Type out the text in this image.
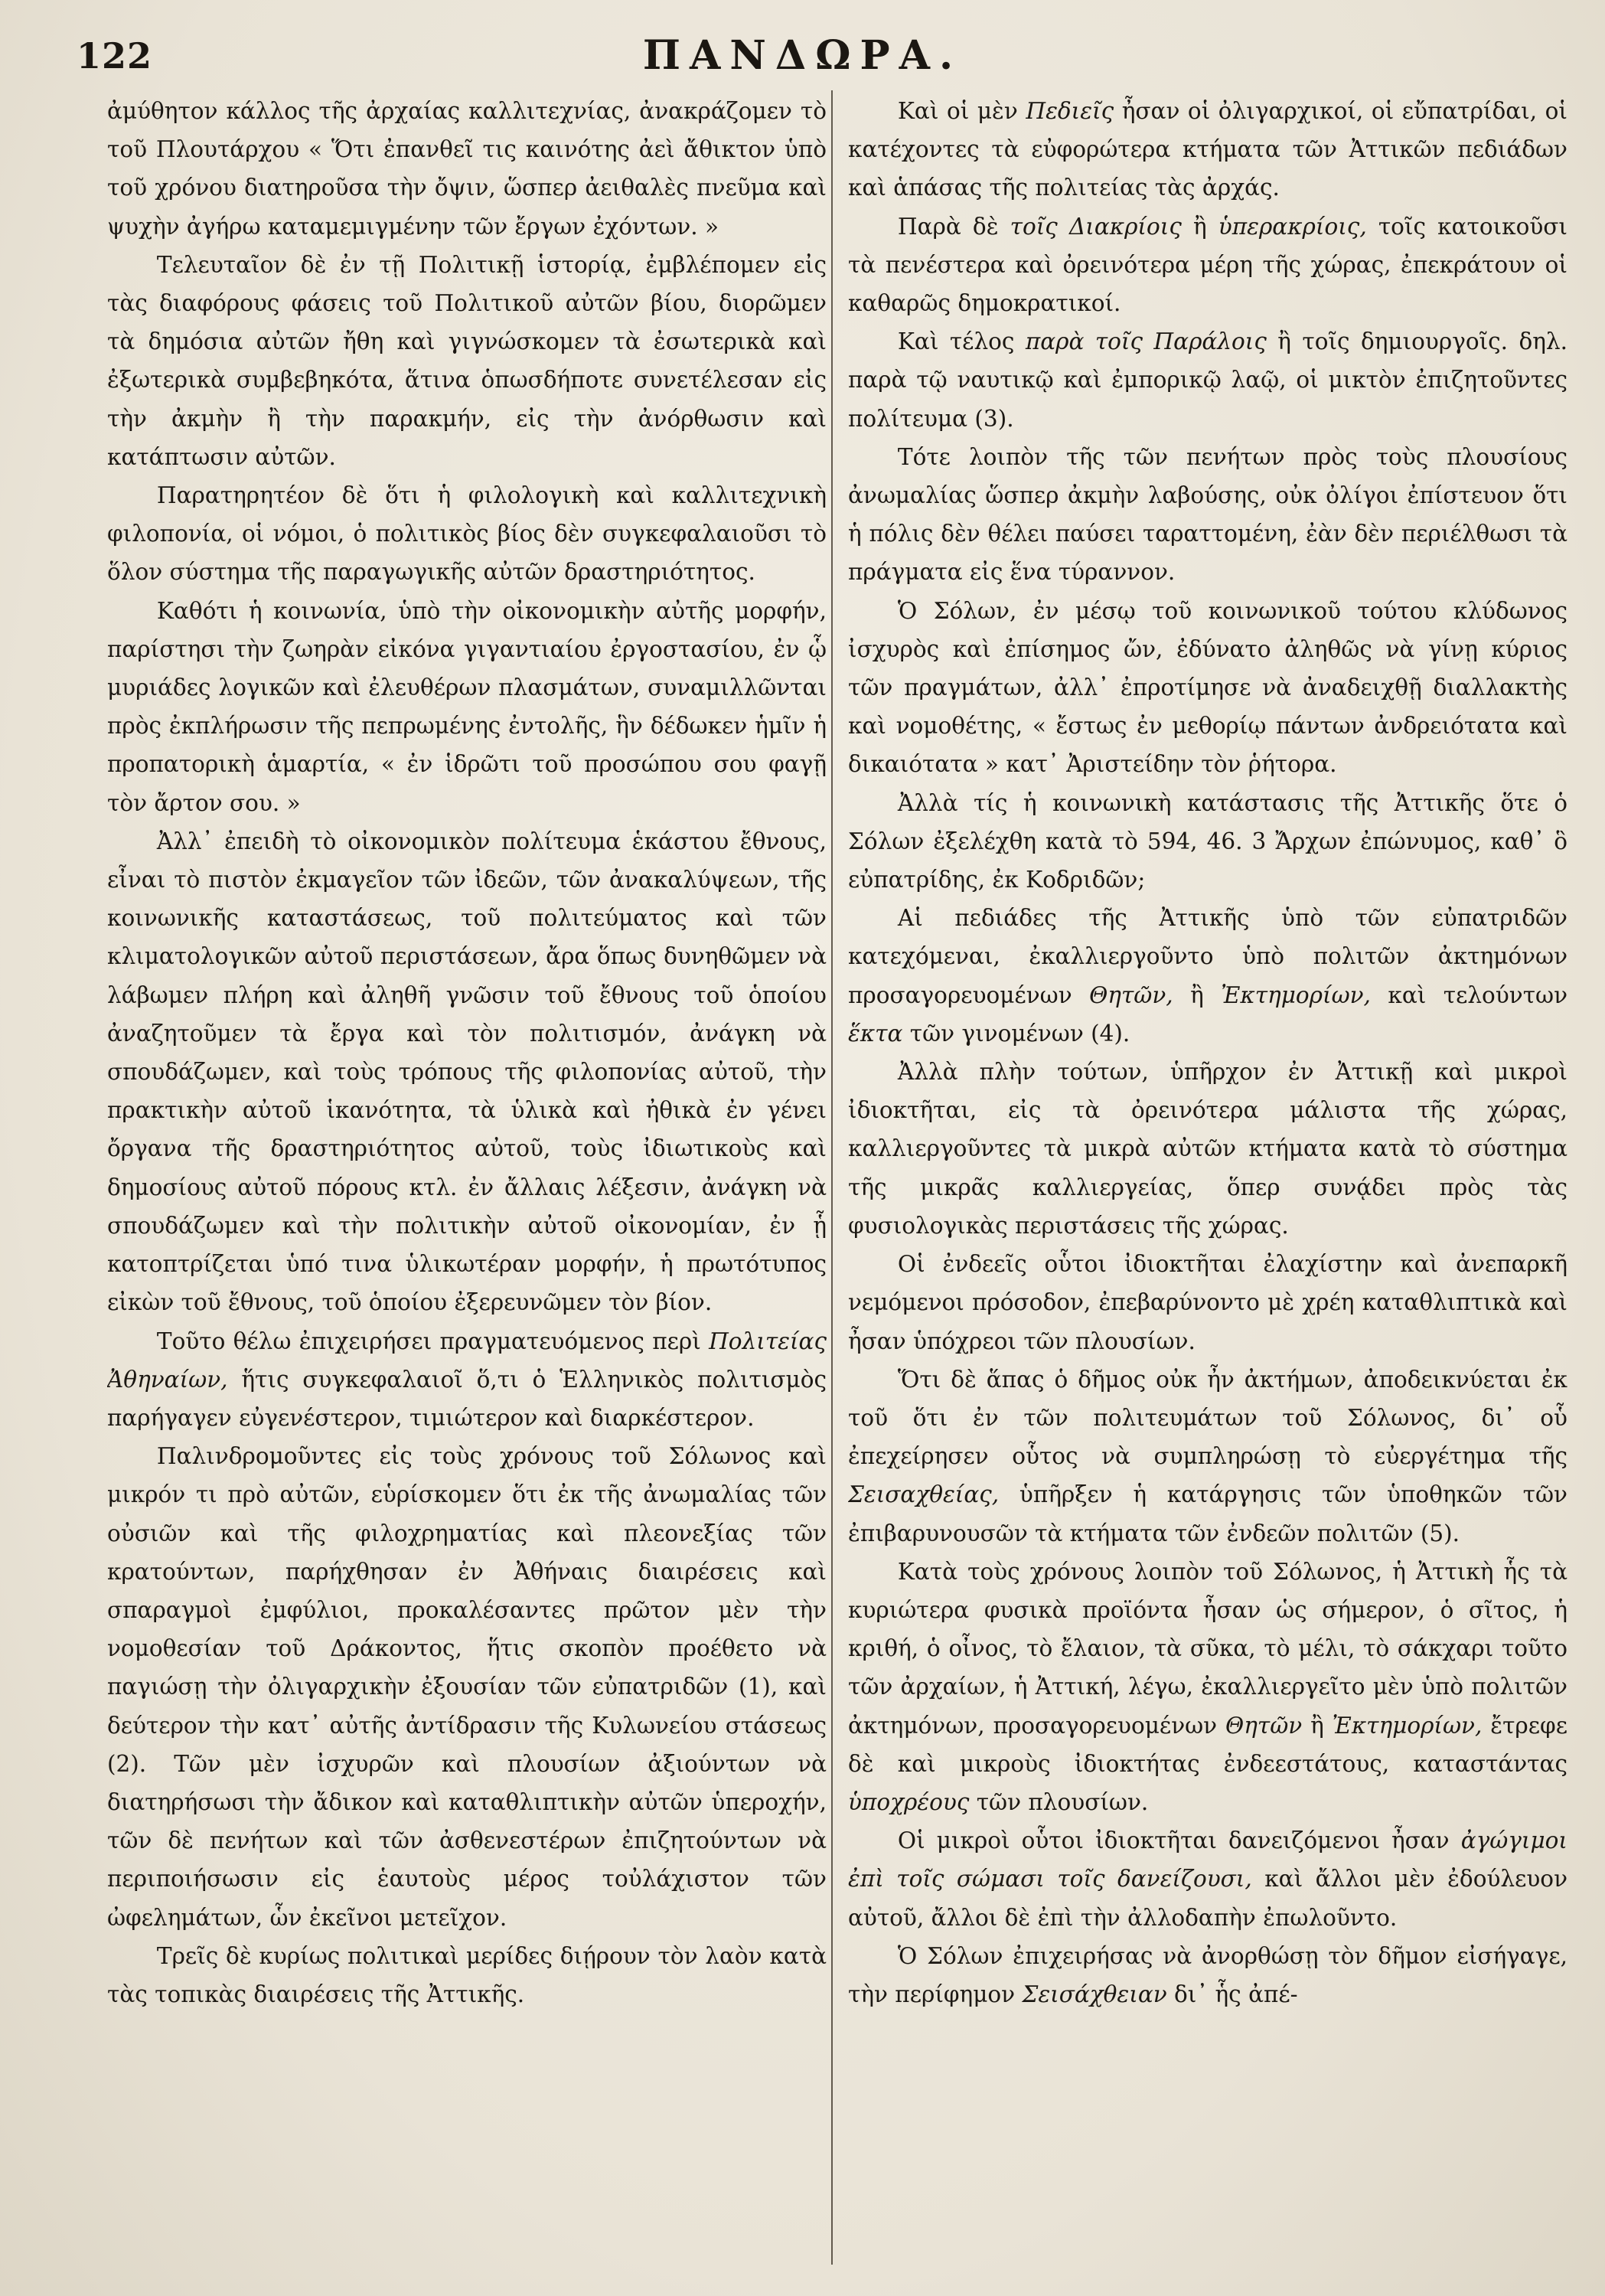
122	ΠΑΝΔΩΡΑ.

ἀμύθητον κάλλος τῆς ἀρχαίας καλλιτεχνίας, ἀνακράζομεν τὸ τοῦ Πλουτάρχου « Ὅτι ἐπανθεῖ τις καινότης ἀεὶ ἄθικτον ὑπὸ τοῦ χρόνου διατηροῦσα τὴν ὄψιν, ὥσπερ ἀειθαλὲς πνεῦμα καὶ ψυχὴν ἀγήρω καταμεμιγμένην τῶν ἔργων ἐχόντων. »

Τελευταῖον δὲ ἐν τῇ Πολιτικῇ ἱστορίᾳ, ἐμβλέπομεν εἰς τὰς διαφόρους φάσεις τοῦ Πολιτικοῦ αὐτῶν βίου, διορῶμεν τὰ δημόσια αὐτῶν ἤθη καὶ γιγνώσκομεν τὰ ἐσωτερικὰ καὶ ἐξωτερικὰ συμβεβηκότα, ἅτινα ὁπωσδήποτε συνετέλεσαν εἰς τὴν ἀκμὴν ἢ τὴν παρακμήν, εἰς τὴν ἀνόρθωσιν καὶ κατάπτωσιν αὐτῶν.

Παρατηρητέον δὲ ὅτι ἡ φιλολογικὴ καὶ καλλιτεχνικὴ φιλοπονία, οἱ νόμοι, ὁ πολιτικὸς βίος δὲν συγκεφαλαιοῦσι τὸ ὅλον σύστημα τῆς παραγωγικῆς αὐτῶν δραστηριότητος.

Καθότι ἡ κοινωνία, ὑπὸ τὴν οἰκονομικὴν αὐτῆς μορφήν, παρίστησι τὴν ζωηρὰν εἰκόνα γιγαντιαίου ἐργοστασίου, ἐν ᾧ μυριάδες λογικῶν καὶ ἐλευθέρων πλασμάτων, συναμιλλῶνται πρὸς ἐκπλήρωσιν τῆς πεπρωμένης ἐντολῆς, ἣν δέδωκεν ἡμῖν ἡ προπατορικὴ ἁμαρτία, « ἐν ἱδρῶτι τοῦ προσώπου σου φαγῇ τὸν ἄρτον σου. »

Ἀλλ᾽ ἐπειδὴ τὸ οἰκονομικὸν πολίτευμα ἑκάστου ἔθνους, εἶναι τὸ πιστὸν ἐκμαγεῖον τῶν ἰδεῶν, τῶν ἀνακαλύψεων, τῆς κοινωνικῆς καταστάσεως, τοῦ πολιτεύματος καὶ τῶν κλιματολογικῶν αὐτοῦ περιστάσεων, ἄρα ὅπως δυνηθῶμεν νὰ λάβωμεν πλήρη καὶ ἀληθῆ γνῶσιν τοῦ ἔθνους τοῦ ὁποίου ἀναζητοῦμεν τὰ ἔργα καὶ τὸν πολιτισμόν, ἀνάγκη νὰ σπουδάζωμεν, καὶ τοὺς τρόπους τῆς φιλοπονίας αὐτοῦ, τὴν πρακτικὴν αὐτοῦ ἱκανότητα, τὰ ὑλικὰ καὶ ἠθικὰ ἐν γένει ὄργανα τῆς δραστηριότητος αὐτοῦ, τοὺς ἰδιωτικοὺς καὶ δημοσίους αὐτοῦ πόρους κτλ. ἐν ἄλλαις λέξεσιν, ἀνάγκη νὰ σπουδάζωμεν καὶ τὴν πολιτικὴν αὐτοῦ οἰκονομίαν, ἐν ᾗ κατοπτρίζεται ὑπό τινα ὑλικωτέραν μορφήν, ἡ πρωτότυπος εἰκὼν τοῦ ἔθνους, τοῦ ὁποίου ἐξερευνῶμεν τὸν βίον.

Τοῦτο θέλω ἐπιχειρήσει πραγματευόμενος περὶ Πολιτείας Ἀθηναίων, ἥτις συγκεφαλαιοῖ ὅ,τι ὁ Ἑλληνικὸς πολιτισμὸς παρήγαγεν εὐγενέστερον, τιμιώτερον καὶ διαρκέστερον.

Παλινδρομοῦντες εἰς τοὺς χρόνους τοῦ Σόλωνος καὶ μικρόν τι πρὸ αὐτῶν, εὑρίσκομεν ὅτι ἐκ τῆς ἀνωμαλίας τῶν οὐσιῶν καὶ τῆς φιλοχρηματίας καὶ πλεονεξίας τῶν κρατούντων, παρήχθησαν ἐν Ἀθήναις διαιρέσεις καὶ σπαραγμοὶ ἐμφύλιοι, προκαλέσαντες πρῶτον μὲν τὴν νομοθεσίαν τοῦ Δράκοντος, ἥτις σκοπὸν προέθετο νὰ παγιώσῃ τὴν ὀλιγαρχικὴν ἐξουσίαν τῶν εὐπατριδῶν (1), καὶ δεύτερον τὴν κατ᾽ αὐτῆς ἀντίδρασιν τῆς Κυλωνείου στάσεως (2). Τῶν μὲν ἰσχυρῶν καὶ πλουσίων ἀξιούντων νὰ διατηρήσωσι τὴν ἄδικον καὶ καταθλιπτικὴν αὐτῶν ὑπεροχήν, τῶν δὲ πενήτων καὶ τῶν ἀσθενεστέρων ἐπιζητούντων νὰ περιποιήσωσιν εἰς ἑαυτοὺς μέρος τοὐλάχιστον τῶν ὠφελημάτων, ὧν ἐκεῖνοι μετεῖχον.

Τρεῖς δὲ κυρίως πολιτικαὶ μερίδες διῄρουν τὸν λαὸν κατὰ τὰς τοπικὰς διαιρέσεις τῆς Ἀττικῆς.

Καὶ οἱ μὲν Πεδιεῖς ἦσαν οἱ ὀλιγαρχικοί, οἱ εὔπατρίδαι, οἱ κατέχοντες τὰ εὐφορώτερα κτήματα τῶν Ἀττικῶν πεδιάδων καὶ ἁπάσας τῆς πολιτείας τὰς ἀρχάς.

Παρὰ δὲ τοῖς Διακρίοις ἢ ὑπερακρίοις, τοῖς κατοικοῦσι τὰ πενέστερα καὶ ὀρεινότερα μέρη τῆς χώρας, ἐπεκράτουν οἱ καθαρῶς δημοκρατικοί.

Καὶ τέλος παρὰ τοῖς Παράλοις ἢ τοῖς δημιουργοῖς. δηλ. παρὰ τῷ ναυτικῷ καὶ ἐμπορικῷ λαῷ, οἱ μικτὸν ἐπιζητοῦντες πολίτευμα (3).

Τότε λοιπὸν τῆς τῶν πενήτων πρὸς τοὺς πλουσίους ἀνωμαλίας ὥσπερ ἀκμὴν λαβούσης, οὐκ ὀλίγοι ἐπίστευον ὅτι ἡ πόλις δὲν θέλει παύσει ταραττομένη, ἐὰν δὲν περιέλθωσι τὰ πράγματα εἰς ἕνα τύραννον.

Ὁ Σόλων, ἐν μέσῳ τοῦ κοινωνικοῦ τούτου κλύδωνος ἰσχυρὸς καὶ ἐπίσημος ὤν, ἐδύνατο ἀληθῶς νὰ γίνῃ κύριος τῶν πραγμάτων, ἀλλ᾽ ἐπροτίμησε νὰ ἀναδειχθῇ διαλλακτὴς καὶ νομοθέτης, « ἔστως ἐν μεθορίῳ πάντων ἀνδρειότατα καὶ δικαιότατα » κατ᾽ Ἀριστείδην τὸν ῥήτορα.

Ἀλλὰ τίς ἡ κοινωνικὴ κατάστασις τῆς Ἀττικῆς ὅτε ὁ Σόλων ἐξελέχθη κατὰ τὸ 594, 46. 3 Ἄρχων ἐπώνυμος, καθ᾽ ὃ εὐπατρίδης, ἐκ Κοδριδῶν;

Αἱ πεδιάδες τῆς Ἀττικῆς ὑπὸ τῶν εὐπατριδῶν κατεχόμεναι, ἐκαλλιεργοῦντο ὑπὸ πολιτῶν ἀκτημόνων προσαγορευομένων Θητῶν, ἢ Ἐκτημορίων, καὶ τελούντων ἕκτα τῶν γινομένων (4).

Ἀλλὰ πλὴν τούτων, ὑπῆρχον ἐν Ἀττικῇ καὶ μικροὶ ἰδιοκτῆται, εἰς τὰ ὀρεινότερα μάλιστα τῆς χώρας, καλλιεργοῦντες τὰ μικρὰ αὐτῶν κτήματα κατὰ τὸ σύστημα τῆς μικρᾶς καλλιεργείας, ὅπερ συνᾴδει πρὸς τὰς φυσιολογικὰς περιστάσεις τῆς χώρας.

Οἱ ἐνδεεῖς οὗτοι ἰδιοκτῆται ἐλαχίστην καὶ ἀνεπαρκῆ νεμόμενοι πρόσοδον, ἐπεβαρύνοντο μὲ χρέη καταθλιπτικὰ καὶ ἦσαν ὑπόχρεοι τῶν πλουσίων.

Ὅτι δὲ ἅπας ὁ δῆμος οὐκ ἦν ἀκτήμων, ἀποδεικνύεται ἐκ τοῦ ὅτι ἐν τῶν πολιτευμάτων τοῦ Σόλωνος, δι᾽ οὗ ἐπεχείρησεν οὗτος νὰ συμπληρώσῃ τὸ εὐεργέτημα τῆς Σεισαχθείας, ὑπῆρξεν ἡ κατάργησις τῶν ὑποθηκῶν τῶν ἐπιβαρυνουσῶν τὰ κτήματα τῶν ἐνδεῶν πολιτῶν (5).

Κατὰ τοὺς χρόνους λοιπὸν τοῦ Σόλωνος, ἡ Ἀττικὴ ἧς τὰ κυριώτερα φυσικὰ προϊόντα ἦσαν ὡς σήμερον, ὁ σῖτος, ἡ κριθή, ὁ οἶνος, τὸ ἔλαιον, τὰ σῦκα, τὸ μέλι, τὸ σάκχαρι τοῦτο τῶν ἀρχαίων, ἡ Ἀττική, λέγω, ἐκαλλιεργεῖτο μὲν ὑπὸ πολιτῶν ἀκτημόνων, προσαγορευομένων Θητῶν ἢ Ἐκτημορίων, ἔτρεφε δὲ καὶ μικροὺς ἰδιοκτήτας ἐνδεεστάτους, καταστάντας ὑποχρέους τῶν πλουσίων.

Οἱ μικροὶ οὗτοι ἰδιοκτῆται δανειζόμενοι ἦσαν ἀγώγιμοι ἐπὶ τοῖς σώμασι τοῖς δανείζουσι, καὶ ἄλλοι μὲν ἐδούλευον αὐτοῦ, ἄλλοι δὲ ἐπὶ τὴν ἀλλοδαπὴν ἐπωλοῦντο.

Ὁ Σόλων ἐπιχειρήσας νὰ ἀνορθώσῃ τὸν δῆμον εἰσήγαγε, τὴν περίφημον Σεισάχθειαν δι᾽ ἧς ἀπέ-
